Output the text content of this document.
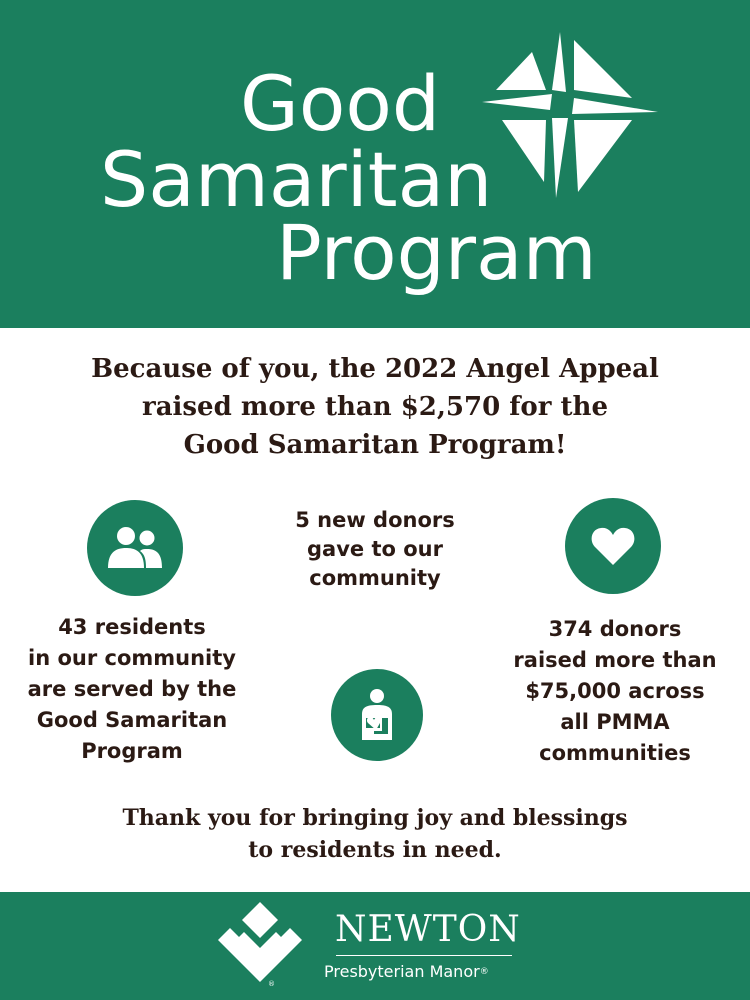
Good
Samaritan
Program
Because of you, the 2022 Angel Appeal
raised more than $2,570 for the
Good Samaritan Program!
5 new donors
gave to our
community
43 residents
in our community
are served by the
Good Samaritan
Program
374 donors
raised more than
$75,000 across
all PMMA
communities
Thank you for bringing joy and blessings
to residents in need.
®
NEWTON
Presbyterian Manor®
